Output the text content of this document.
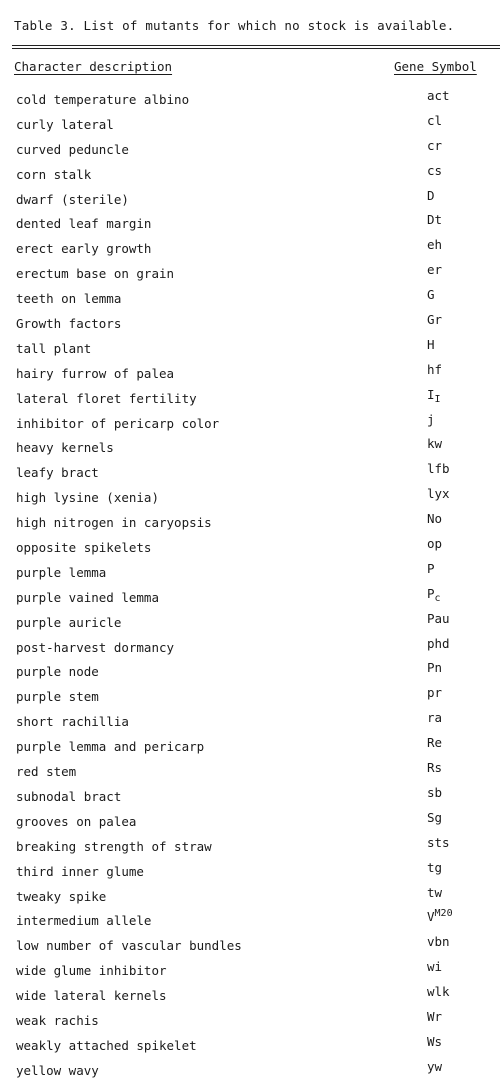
Table 3. List of mutants for which no stock is available.
Character description	Gene Symbol
cold temperature albino	act
curly lateral	cl
curved peduncle	cr
corn stalk	cs
dwarf (sterile)	D
dented leaf margin	Dt
erect early growth	eh
erectum base on grain	er
teeth on lemma	G
Growth factors	Gr
tall plant	H
hairy furrow of palea	hf
lateral floret fertility	$I_I$
inhibitor of pericarp color	j
heavy kernels	kw
leafy bract	lfb
high lysine (xenia)	lyx
high nitrogen in caryopsis	No
opposite spikelets	op
purple lemma	P
purple vained lemma	$P_c$
purple auricle	Pau
post-harvest dormancy	phd
purple node	Pn
purple stem	pr
short rachillia	ra
purple lemma and pericarp	Re
red stem	Rs
subnodal bract	sb
grooves on palea	Sg
breaking strength of straw	sts
third inner glume	tg
tweaky spike	tw
intermedium allele	$V^{M20}$
low number of vascular bundles	vbn
wide glume inhibitor	wi
wide lateral kernels	wlk
weak rachis	Wr
weakly attached spikelet	Ws
yellow wavy	yw
